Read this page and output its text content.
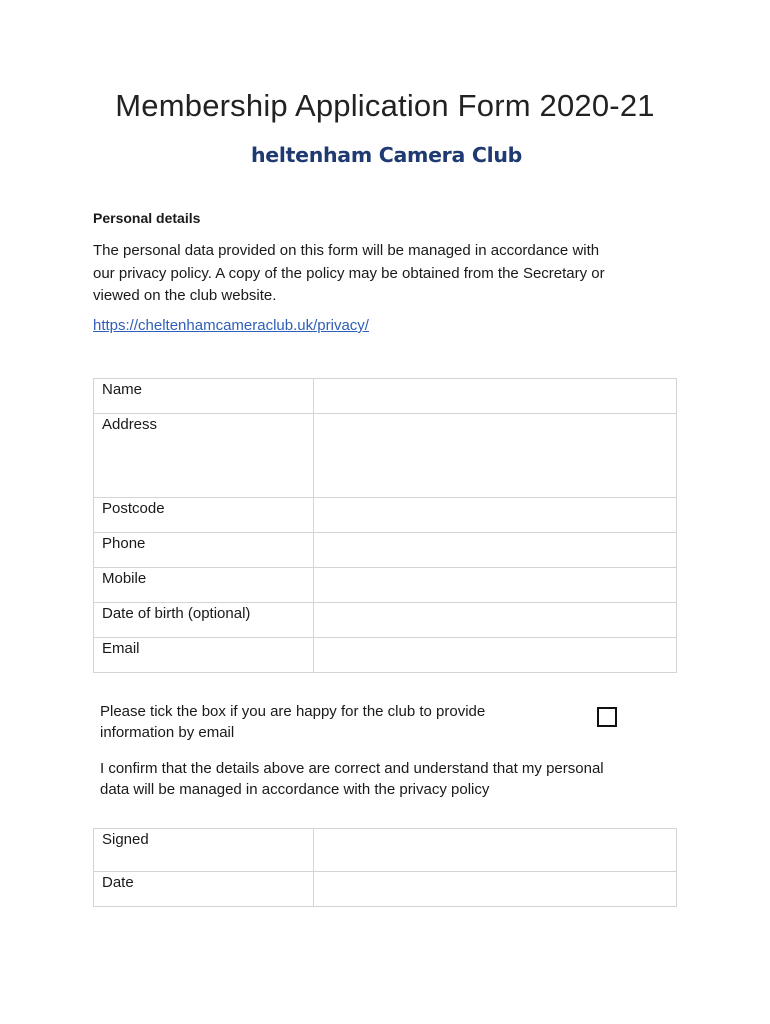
Membership Application Form 2020-21
heltenham Camera Club
Personal details

The personal data provided on this form will be managed in accordance with
our privacy policy. A copy of the policy may be obtained from the Secretary or
viewed on the club website.

https://cheltenhamcameraclub.uk/privacy/
Name	
Address	
Postcode	
Phone	
Mobile	
Date of birth (optional)	
Email	

Please tick the box if you are happy for the club to provide
information by email

I confirm that the details above are correct and understand that my personal
data will be managed in accordance with the privacy policy

Signed	
Date	
